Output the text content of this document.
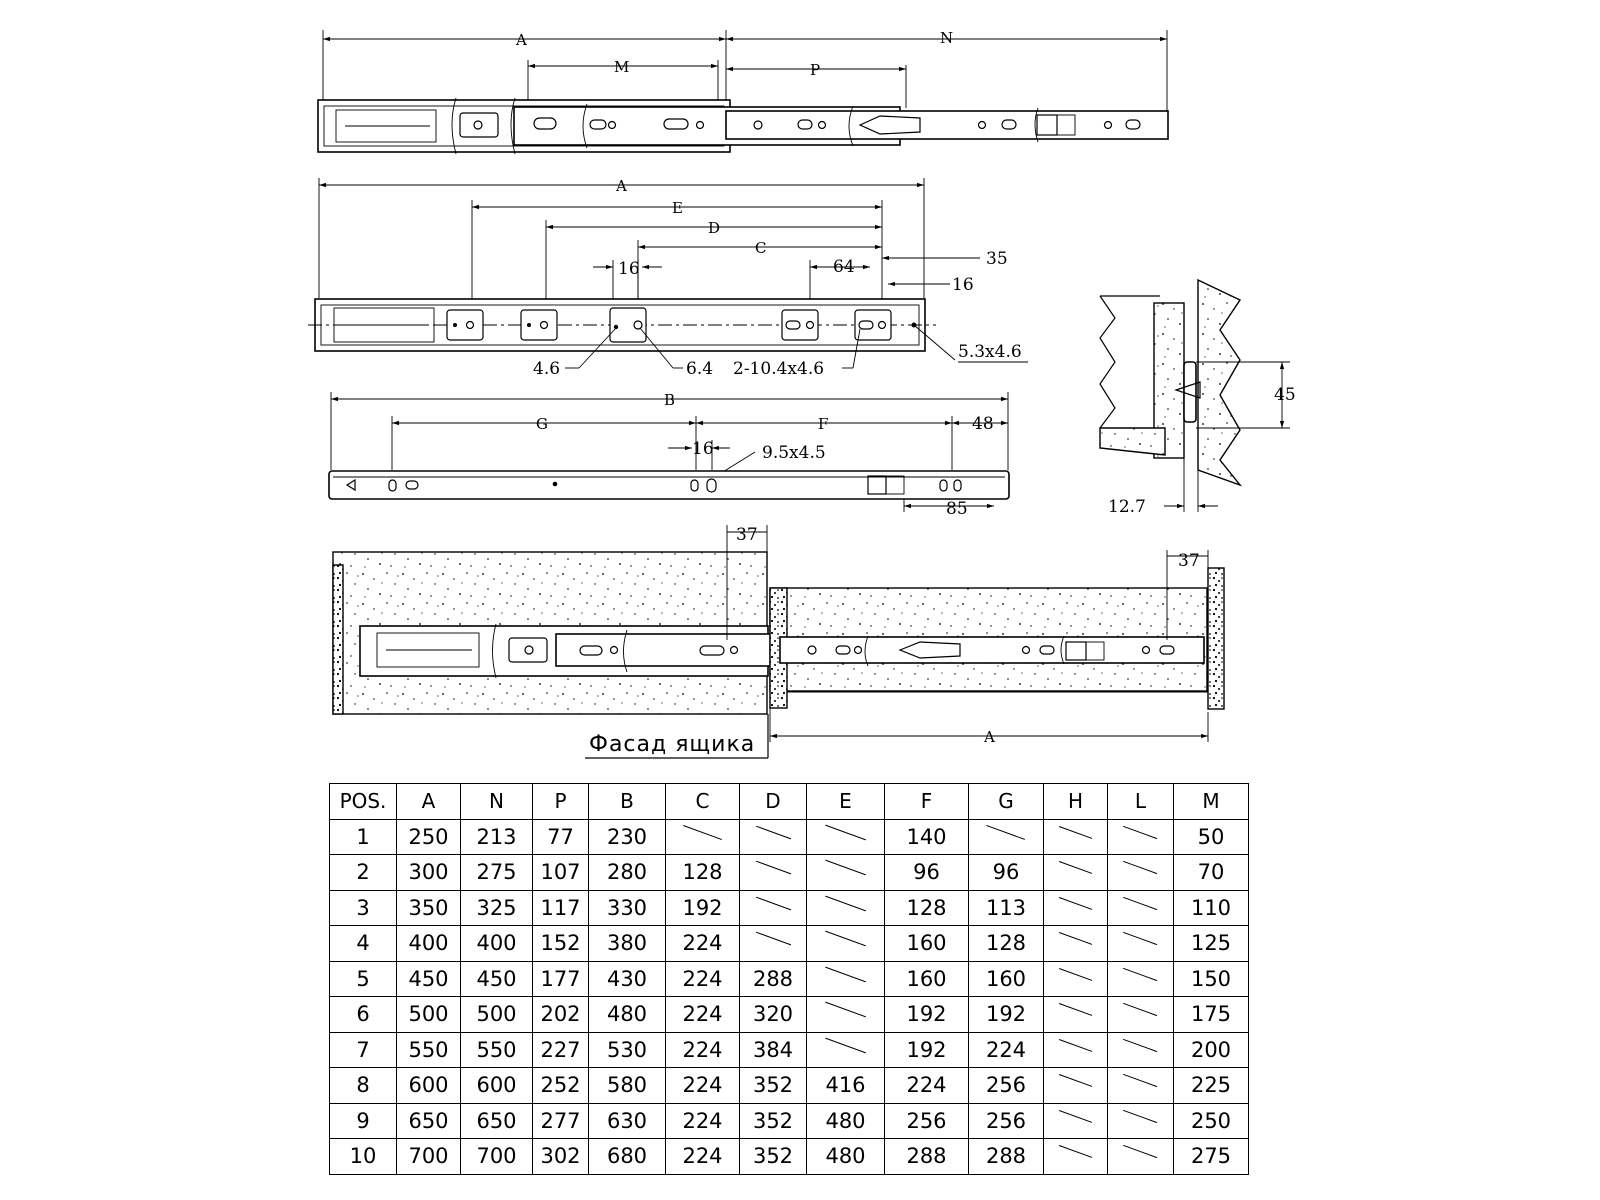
A
M
N
P
A
E
D
C
16	64	35
16
4.6	6.4 2-10.4x4.6
5.3x4.6
B
G	F	48
16	9.5x4.5
85
45
12.7
37
37
A
Фасад ящика
POS.	A	N	P	B	C	D	E	F	G	H	L	M
1	250	213	77	230				140				50
2	300	275	107	280	128			96	96			70
3	350	325	117	330	192			128	113			110
4	400	400	152	380	224			160	128			125
5	450	450	177	430	224	288		160	160			150
6	500	500	202	480	224	320		192	192			175
7	550	550	227	530	224	384		192	224			200
8	600	600	252	580	224	352	416	224	256			225
9	650	650	277	630	224	352	480	256	256			250
10	700	700	302	680	224	352	480	288	288			275
